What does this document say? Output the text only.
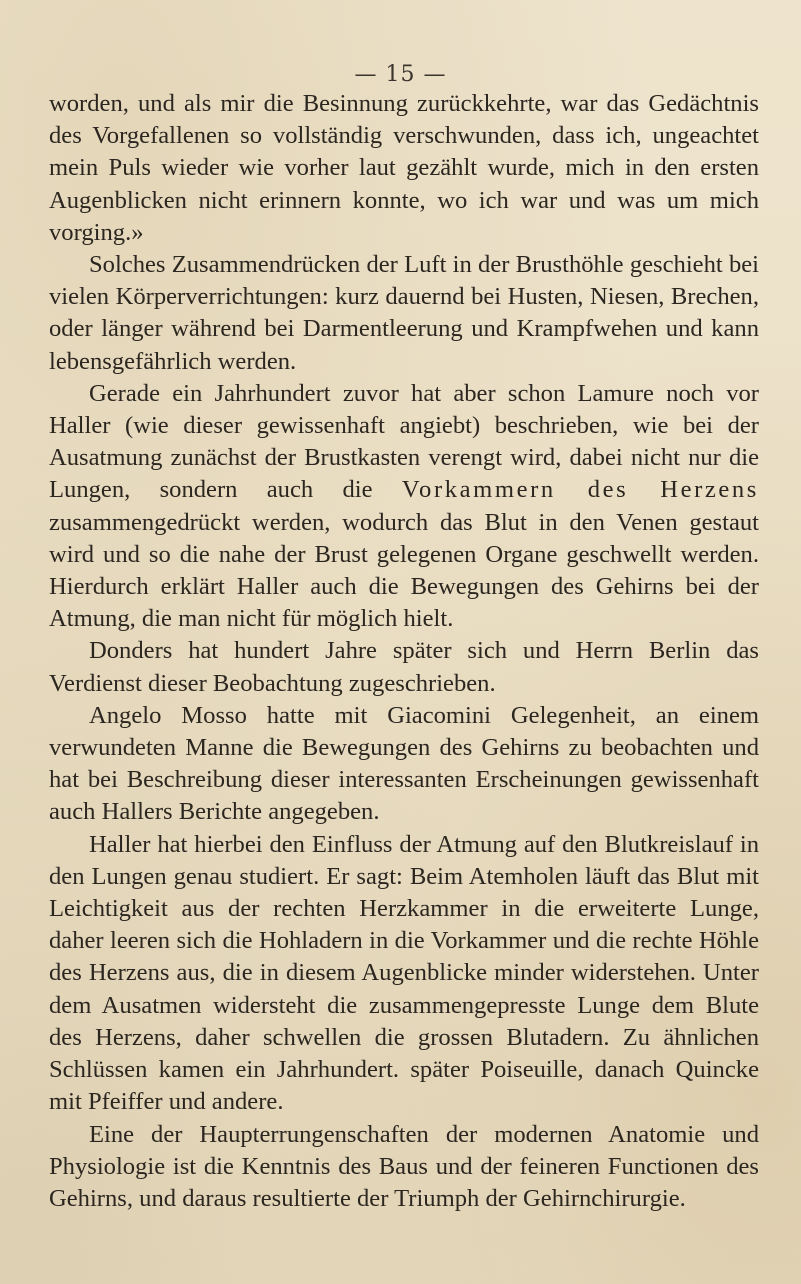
— 15 —

worden, und als mir die Besinnung zurückkehrte, war das Gedächtnis des Vorgefallenen so vollständig verschwunden, dass ich, ungeachtet mein Puls wieder wie vorher laut gezählt wurde, mich in den ersten Augenblicken nicht erinnern konnte, wo ich war und was um mich vorging.»

Solches Zusammendrücken der Luft in der Brusthöhle geschieht bei vielen Körperverrichtungen: kurz dauernd bei Husten, Niesen, Brechen, oder länger während bei Darmentleerung und Krampfwehen und kann lebensgefährlich werden.

Gerade ein Jahrhundert zuvor hat aber schon Lamure noch vor Haller (wie dieser gewissenhaft angiebt) beschrieben, wie bei der Ausatmung zunächst der Brustkasten verengt wird, dabei nicht nur die Lungen, sondern auch die Vorkammern des Herzens zusammengedrückt werden, wodurch das Blut in den Venen gestaut wird und so die nahe der Brust gelegenen Organe geschwellt werden. Hierdurch erklärt Haller auch die Bewegungen des Gehirns bei der Atmung, die man nicht für möglich hielt.

Donders hat hundert Jahre später sich und Herrn Berlin das Verdienst dieser Beobachtung zugeschrieben.

Angelo Mosso hatte mit Giacomini Gelegenheit, an einem verwundeten Manne die Bewegungen des Gehirns zu beobachten und hat bei Beschreibung dieser interessanten Erscheinungen gewissenhaft auch Hallers Berichte angegeben.

Haller hat hierbei den Einfluss der Atmung auf den Blutkreislauf in den Lungen genau studiert. Er sagt: Beim Atemholen läuft das Blut mit Leichtigkeit aus der rechten Herzkammer in die erweiterte Lunge, daher leeren sich die Hohladern in die Vorkammer und die rechte Höhle des Herzens aus, die in diesem Augenblicke minder widerstehen. Unter dem Ausatmen widersteht die zusammengepresste Lunge dem Blute des Herzens, daher schwellen die grossen Blutadern. Zu ähnlichen Schlüssen kamen ein Jahrhundert. später Poiseuille, danach Quincke mit Pfeiffer und andere.

Eine der Haupterrungenschaften der modernen Anatomie und Physiologie ist die Kenntnis des Baus und der feineren Functionen des Gehirns, und daraus resultierte der Triumph der Gehirnchirurgie.
